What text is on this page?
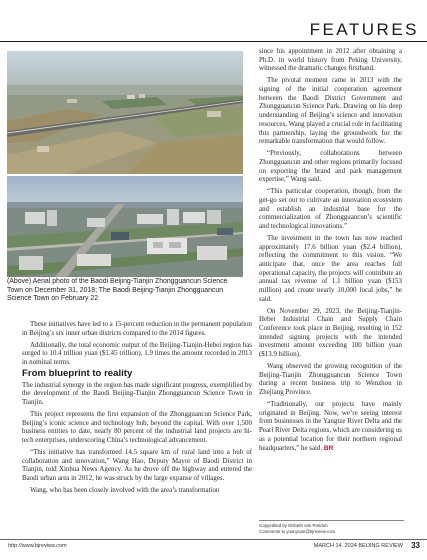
FEATURES
(Above) Aerial photo of the Baodi Beijing-Tianjin Zhongguancun Science Town on December 31, 2018; The Baodi Beijing-Tianjin Zhongguancun Science Town on February 22

These initiatives have led to a 15-percent reduction in the permanent population in Beijing’s six inner urban districts compared to the 2014 figures.

Additionally, the total economic output of the Beijing-Tianjin-Hebei region has surged to 10.4 trillion yuan ($1.45 trillion), 1.9 times the amount recorded in 2013 in nominal terms.

From blueprint to reality

The industrial synergy in the region has made significant progress, exemplified by the development of the Baodi Beijing-Tianjin Zhongguancun Science Town in Tianjin.

This project represents the first expansion of the Zhongguancun Science Park, Beijing’s iconic science and technology hub, beyond the capital. With over 1,500 business entities to date, nearly 80 percent of the industrial land projects are hi-tech enterprises, underscoring China’s technological advancement.

“This initiative has transformed 14.5 square km of rural land into a hub of collaboration and innovation,” Wang Hao, Deputy Mayor of Baodi District in Tianjin, told Xinhua News Agency. As he drove off the highway and entered the Baodi urban area in 2012, he was struck by the large expanse of villages.

Wang, who has been closely involved with the area’s transformation

since his appointment in 2012 after obtaining a Ph.D. in world history from Peking University, witnessed the dramatic changes firsthand.

The pivotal moment came in 2013 with the signing of the initial cooperation agreement between the Baodi District Government and Zhongguancun Science Park. Drawing on his deep understanding of Beijing’s science and innovation resources, Wang played a crucial role in facilitating this partnership, laying the groundwork for the remarkable transformation that would follow.

“Previously, collaborations between Zhongguancun and other regions primarily focused on exporting the brand and park management expertise,” Wang said.

“This particular cooperation, though, from the get-go set out to cultivate an innovation ecosystem and establish an industrial base for the commercialization of Zhongguancun’s scientific and technological innovations.”

The investment in the town has now reached approximately 17.6 billion yuan ($2.4 billion), reflecting the commitment to this vision. “We anticipate that, once the area reaches full operational capacity, the projects will contribute an annual tax revenue of 1.1 billion yuan ($153 million) and create nearly 10,000 local jobs,” he said.

On November 29, 2023, the Beijing-Tianjin-Hebei Industrial Chain and Supply Chain Conference took place in Beijing, resulting in 152 intended signing projects with the intended investment amount exceeding 100 billion yuan ($13.9 billion).

Wang observed the growing recognition of the Beijing-Tianjin Zhongguancun Science Town during a recent business trip to Wenzhou in Zhejiang Province.

“Traditionally, our projects have mainly originated in Beijing. Now, we’re seeing interest from businesses in the Yangtze River Delta and the Pearl River Delta regions, which are considering us as a potential location for their northern regional headquarters,” he said. BR

Copyedited by Elsbeth van Paridon
Comments to yuanyuan@bjreview.com
http://www.bjreview.com	MARCH 14, 2024 BEIJING REVIEW 33
